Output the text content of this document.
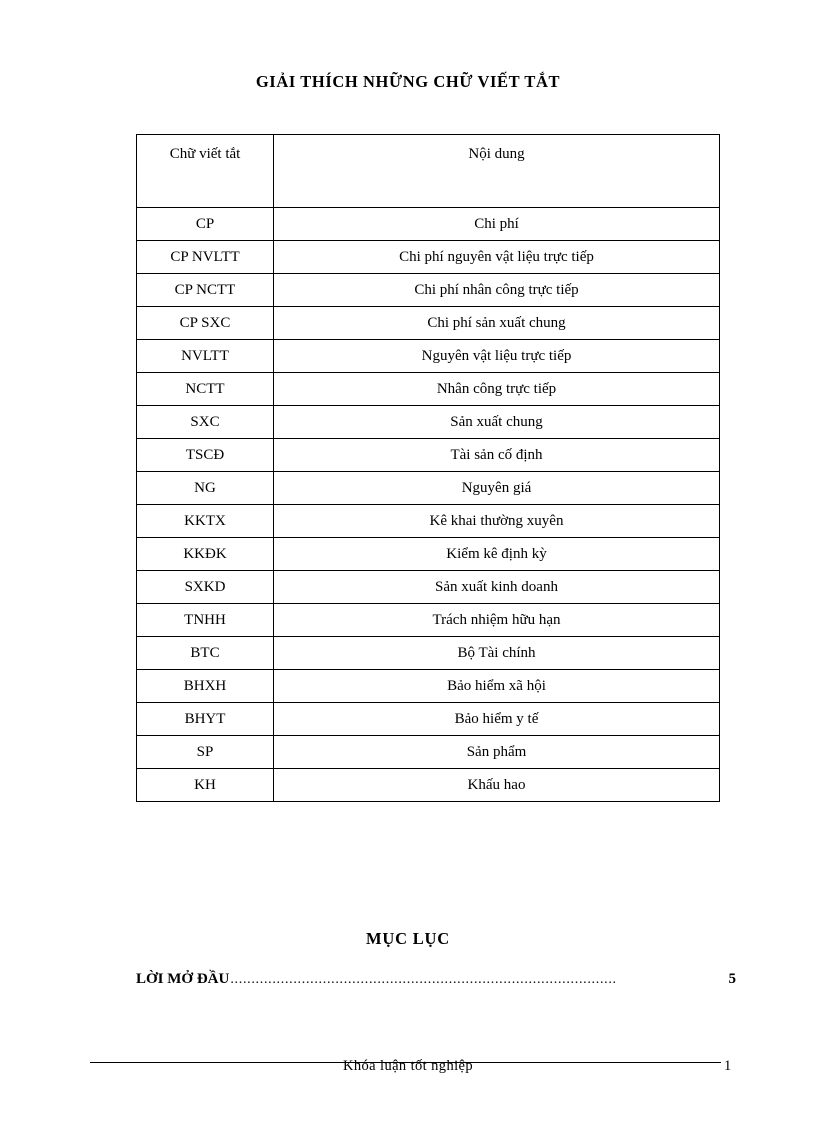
GIẢI THÍCH NHỮNG CHỮ VIẾT TẮT
Chữ viết tắt	Nội dung
CP	Chi phí
CP NVLTT	Chi phí nguyên vật liệu trực tiếp
CP NCTT	Chi phí nhân công trực tiếp
CP SXC	Chi phí sản xuất chung
NVLTT	Nguyên vật liệu trực tiếp
NCTT	Nhân công trực tiếp
SXC	Sản xuất chung
TSCĐ	Tài sản cố định
NG	Nguyên giá
KKTX	Kê khai thường xuyên
KKĐK	Kiểm kê định kỳ
SXKD	Sản xuất kinh doanh
TNHH	Trách nhiệm hữu hạn
BTC	Bộ Tài chính
BHXH	Bảo hiểm xã hội
BHYT	Bảo hiểm y tế
SP	Sản phẩm
KH	Khấu hao
MỤC LỤC
LỜI MỞ ĐẦU ............................................................................................	5
Khóa luận tốt nghiệp	1
